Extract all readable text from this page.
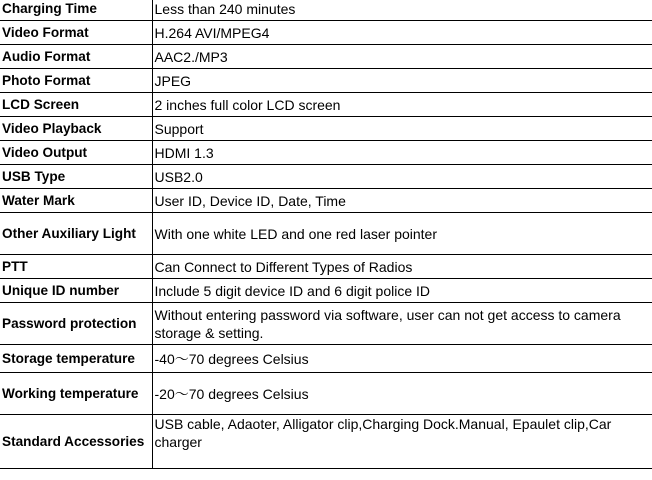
Charging Time	Less than 240 minutes
Video Format	H.264 AVI/MPEG4
Audio Format	AAC2./MP3
Photo Format	JPEG
LCD Screen	2 inches full color LCD screen
Video Playback	Support
Video Output	HDMI 1.3
USB Type	USB2.0
Water Mark	User ID, Device ID, Date, Time
Other Auxiliary Light	With one white LED and one red laser pointer
PTT	Can Connect to Different Types of Radios
Unique ID number	Include 5 digit device ID and 6 digit police ID
Password protection	Without entering password via software, user can not get access to camera storage & setting.
Storage temperature	-40～70 degrees Celsius
Working temperature	-20～70 degrees Celsius
Standard Accessories	USB cable, Adaoter, Alligator clip,Charging Dock.Manual, Epaulet clip,Car charger
